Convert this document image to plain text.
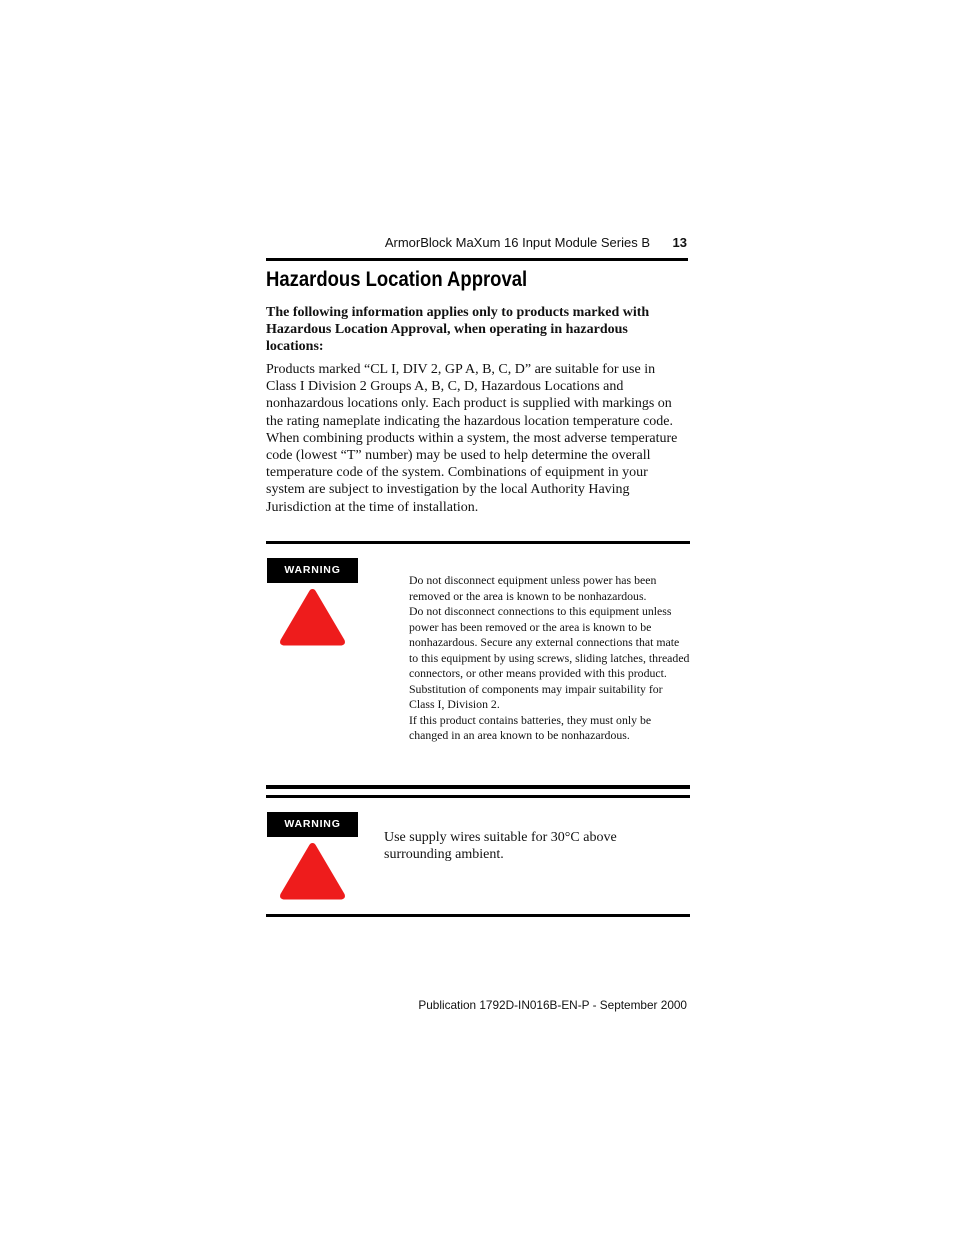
ArmorBlock MaXum 16 Input Module Series B 13
Hazardous Location Approval

The following information applies only to products marked with Hazardous Location Approval, when operating in hazardous locations:

Products marked “CL I, DIV 2, GP A, B, C, D” are suitable for use in Class I Division 2 Groups A, B, C, D, Hazardous Locations and nonhazardous locations only. Each product is supplied with markings on the rating nameplate indicating the hazardous location temperature code. When combining products within a system, the most adverse temperature code (lowest “T” number) may be used to help determine the overall temperature code of the system. Combinations of equipment in your system are subject to investigation by the local Authority Having Jurisdiction at the time of installation.

WARNING

Do not disconnect equipment unless power has been removed or the area is known to be nonhazardous.

Do not disconnect connections to this equipment unless power has been removed or the area is known to be nonhazardous. Secure any external connections that mate to this equipment by using screws, sliding latches, threaded connectors, or other means provided with this product.

Substitution of components may impair suitability for Class I, Division 2.

If this product contains batteries, they must only be changed in an area known to be nonhazardous.

WARNING

Use supply wires suitable for 30°C above surrounding ambient.

Publication 1792D-IN016B-EN-P - September 2000
